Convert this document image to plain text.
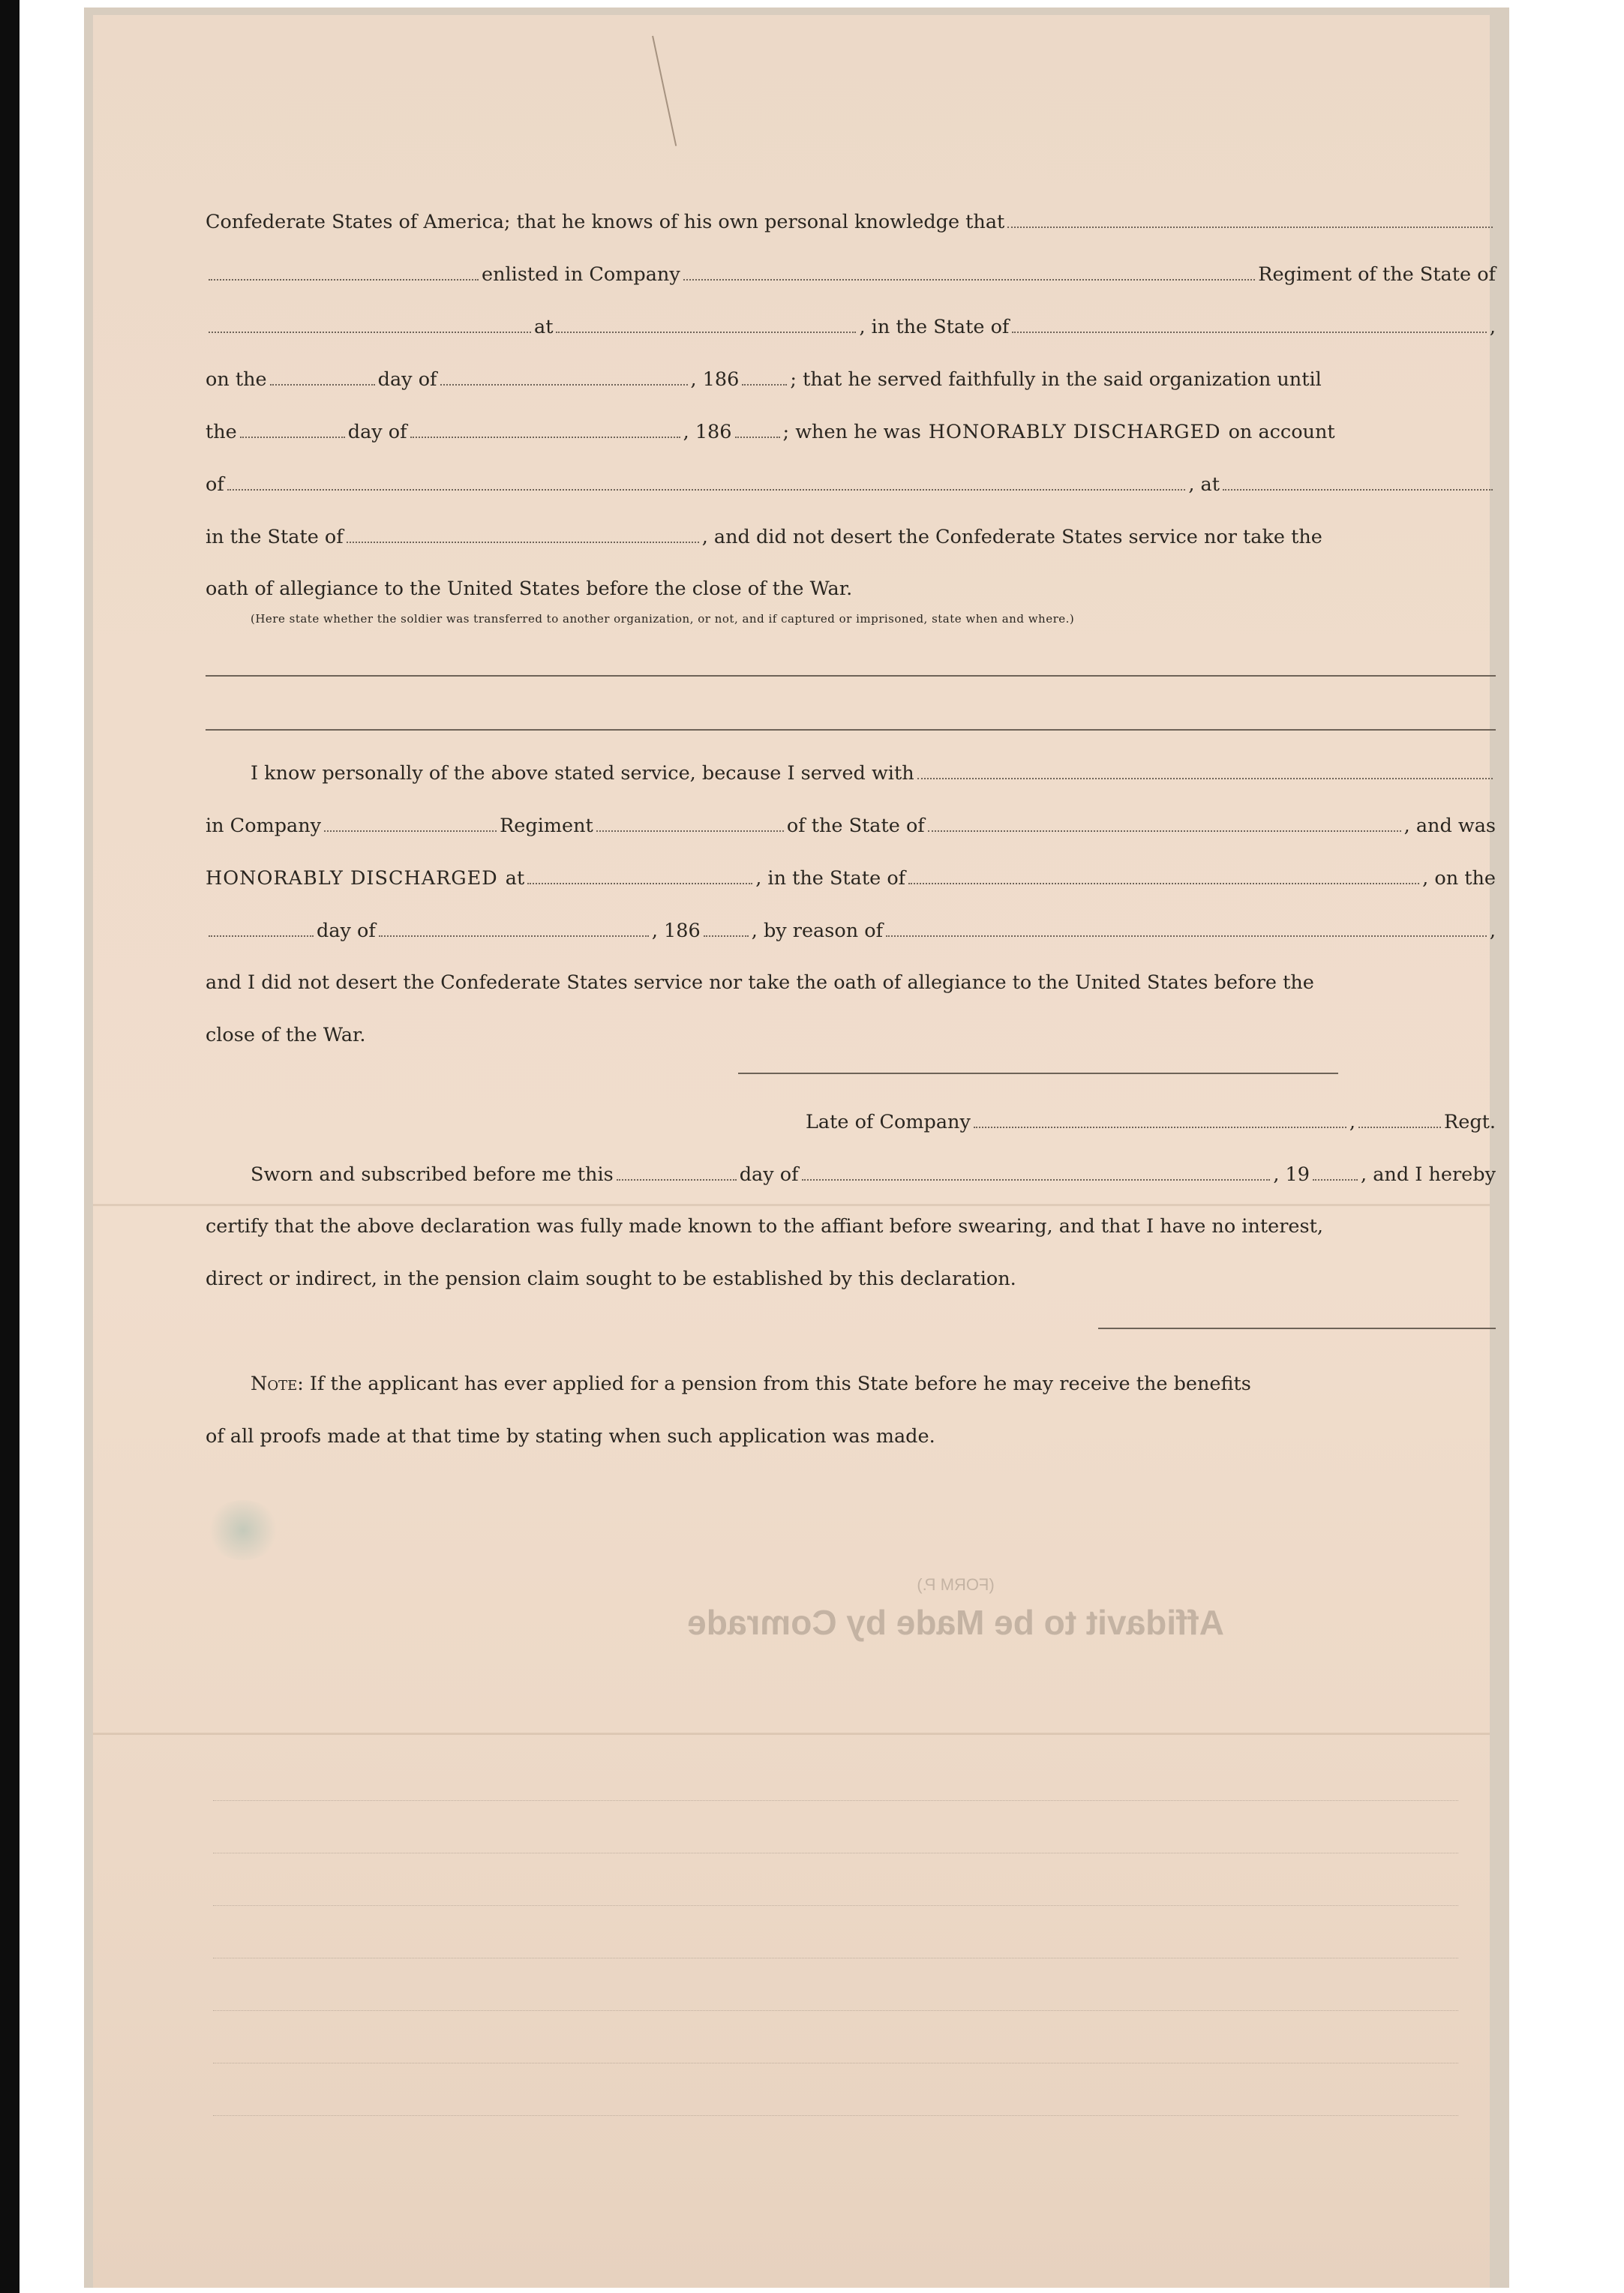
Confederate States of America; that he knows of his own personal knowledge that
enlisted in Company	Regiment of the State of
at	, in the State of	,
on the	day of	, 186	; that he served faithfully in the said organization until
the	day of	, 186	; when he was HONORABLY DISCHARGED on account
of	, at
in the State of	, and did not desert the Confederate States service nor take the
oath of allegiance to the United States before the close of the War.
(Here state whether the soldier was transferred to another organization, or not, and if captured or imprisoned, state when and where.)
I know personally of the above stated service, because I served with
in Company	Regiment	of the State of	, and was
HONORABLY DISCHARGED at	, in the State of	, on the
day of	, 186	, by reason of	,
and I did not desert the Confederate States service nor take the oath of allegiance to the United States before the
close of the War.
Late of Company	,	Regt.
Sworn and subscribed before me this	day of	, 19	, and I hereby
certify that the above declaration was fully made known to the affiant before swearing, and that I have no interest,
direct or indirect, in the pension claim sought to be established by this declaration.
Note : If the applicant has ever applied for a pension from this State before he may receive the benefits
of all proofs made at that time by stating when such application was made.
(FORM P.)
Affidavit to be Made by Comrade
